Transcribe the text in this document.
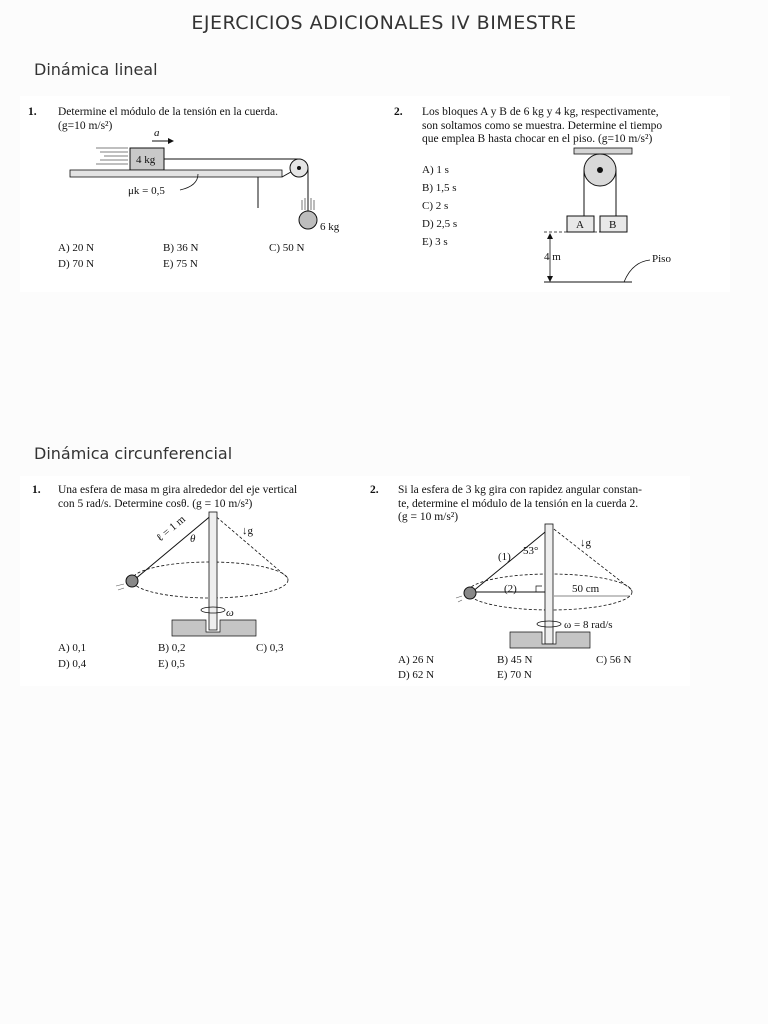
EJERCICIOS ADICIONALES IV BIMESTRE
Dinámica lineal
1. Determine el módulo de la tensión en la cuerda.
(g=10 m/s²)
a
4 kg
6 kg
μk = 0,5
A) 20 N	B) 36 N	C) 50 N
D) 70 N	E) 75 N
2. Los bloques A y B de 6 kg y 4 kg, respectivamente,
son soltamos como se muestra. Determine el tiempo
que emplea B hasta chocar en el piso. (g=10 m/s²)
A) 1 s
B) 1,5 s
C) 2 s
D) 2,5 s
E) 3 s
A B
4 m	Piso
Dinámica circunferencial
1. Una esfera de masa m gira alrededor del eje vertical
con 5 rad/s. Determine cosθ. (g = 10 m/s²)
ℓ = 1 m θ
↓g
ω
A) 0,1	B) 0,2	C) 0,3
D) 0,4	E) 0,5
2. Si la esfera de 3 kg gira con rapidez angular constan-
te, determine el módulo de la tensión en la cuerda 2.
(g = 10 m/s²)
(1) 53°
↓g
(2)	50 cm
ω = 8 rad/s
A) 26 N	B) 45 N	C) 56 N
D) 62 N	E) 70 N
